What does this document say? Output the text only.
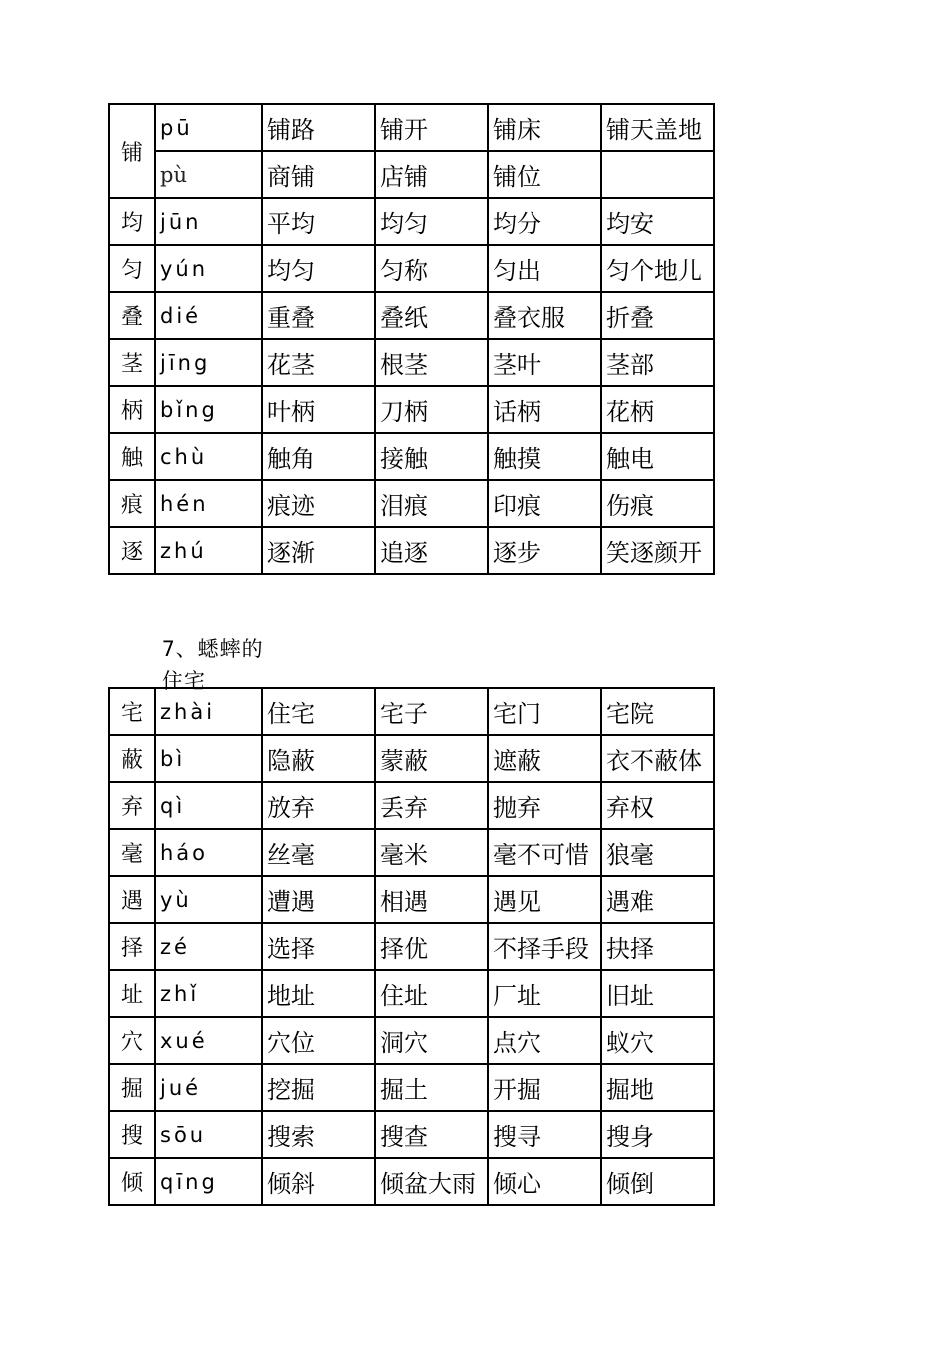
铺	pū	铺路	铺开	铺床	铺天盖地
	pù	商铺	店铺	铺位	
均	jūn	平均	均匀	均分	均安
匀	yún	均匀	匀称	匀出	匀个地儿
叠	dié	重叠	叠纸	叠衣服	折叠
茎	jīng	花茎	根茎	茎叶	茎部
柄	bǐng	叶柄	刀柄	话柄	花柄
触	chù	触角	接触	触摸	触电
痕	hén	痕迹	泪痕	印痕	伤痕
逐	zhú	逐渐	追逐	逐步	笑逐颜开
7、蟋蟀的住宅
宅	zhài	住宅	宅子	宅门	宅院
蔽	bì	隐蔽	蒙蔽	遮蔽	衣不蔽体
弃	qì	放弃	丢弃	抛弃	弃权
毫	háo	丝毫	毫米	毫不可惜	狼毫
遇	yù	遭遇	相遇	遇见	遇难
择	zé	选择	择优	不择手段	抉择
址	zhǐ	地址	住址	厂址	旧址
穴	xué	穴位	洞穴	点穴	蚁穴
掘	jué	挖掘	掘土	开掘	掘地
搜	sōu	搜索	搜查	搜寻	搜身
倾	qīng	倾斜	倾盆大雨	倾心	倾倒
